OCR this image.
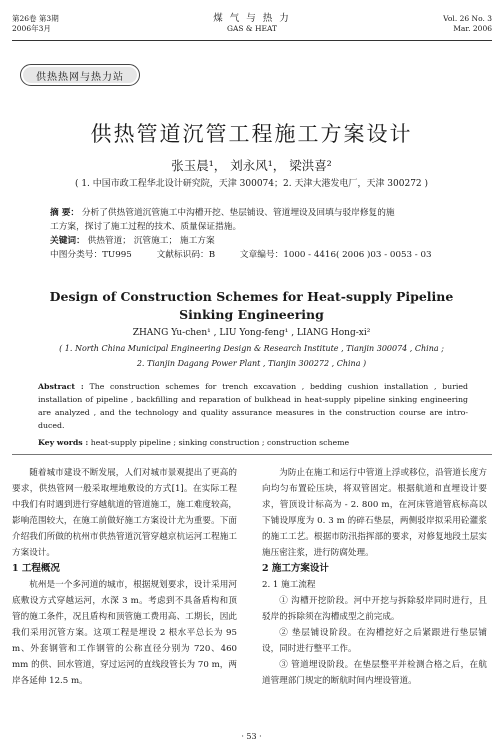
第26卷 第3期
2006年3月
煤 气 与 热 力
GAS & HEAT
Vol. 26 No. 3
Mar. 2006
供热热网与热力站
供热管道沉管工程施工方案设计
张玉晨¹， 刘永风¹， 梁洪喜²
( 1. 中国市政工程华北设计研究院，天津 300074；2. 天津大港发电厂，天津 300272 )
摘 要： 分析了供热管道沉管施工中沟槽开挖、垫层铺设、管道埋设及回填与驳岸修复的施
工方案，探讨了施工过程的技术、质量保证措施。
关键词： 供热管道； 沉管施工； 施工方案
中图分类号：TU995	文献标识码：B	文章编号：1000 - 4416( 2006 )03 - 0053 - 03
Design of Construction Schemes for Heat-supply Pipeline
Sinking Engineering
ZHANG Yu-chen¹ , LIU Yong-feng¹ , LIANG Hong-xi²
( 1. North China Municipal Engineering Design & Research Institute , Tianjin 300074 , China ;
2. Tianjin Dagang Power Plant , Tianjin 300272 , China )
Abstract : The construction schemes for trench excavation , bedding cushion installation , buried installation of pipeline , backfilling and reparation of bulkhead in heat-supply pipeline sinking engineering are analyzed , and the technology and quality assurance measures in the construction course are intro-duced.
Key words : heat-supply pipeline ; sinking construction ; construction scheme

随着城市建设不断发展，人们对城市景观提出了更高的要求，供热管网一般采取埋地敷设的方式[1]。在实际工程中我们有时遇到进行穿越航道的管道施工，施工难度较高，影响范围较大，在施工前做好施工方案设计尤为重要。下面介绍我们所做的杭州市供热管道沉管穿越京杭运河工程施工方案设计。

1 工程概况

杭州是一个多河道的城市，根据规划要求，设计采用河底敷设方式穿越运河，水深 3 m。考虑到不具备盾构和顶管的施工条件，况且盾构和顶管施工费用高、工期长，因此我们采用沉管方案。这项工程是埋设 2 根水平总长为 95 m、外套钢管和工作钢管的公称直径分别为 720、460 mm 的供、回水管道，穿过运河的直线段管长为 70 m，两岸各延伸 12.5 m。

为防止在施工和运行中管道上浮或移位，沿管道长度方向均匀布置砼压块，将双管固定。根据航道和直埋设计要求，管顶设计标高为 - 2. 800 m，在河床管道管底标高以下铺设厚度为 0. 3 m 的碎石垫层，两侧驳岸拟采用砼灌浆的施工工艺。根据市防汛指挥部的要求，对修复地段土层实施压密注浆，进行防腐处理。

2 施工方案设计
2. 1 施工流程

① 沟槽开挖阶段。河中开挖与拆除驳岸同时进行，且驳岸的拆除须在沟槽成型之前完成。

② 垫层铺设阶段。在沟槽挖好之后紧跟进行垫层铺设，同时进行整平工作。

③ 管道埋设阶段。在垫层整平并检测合格之后，在航道管理部门规定的断航时间内埋设管道。

· 53 ·
